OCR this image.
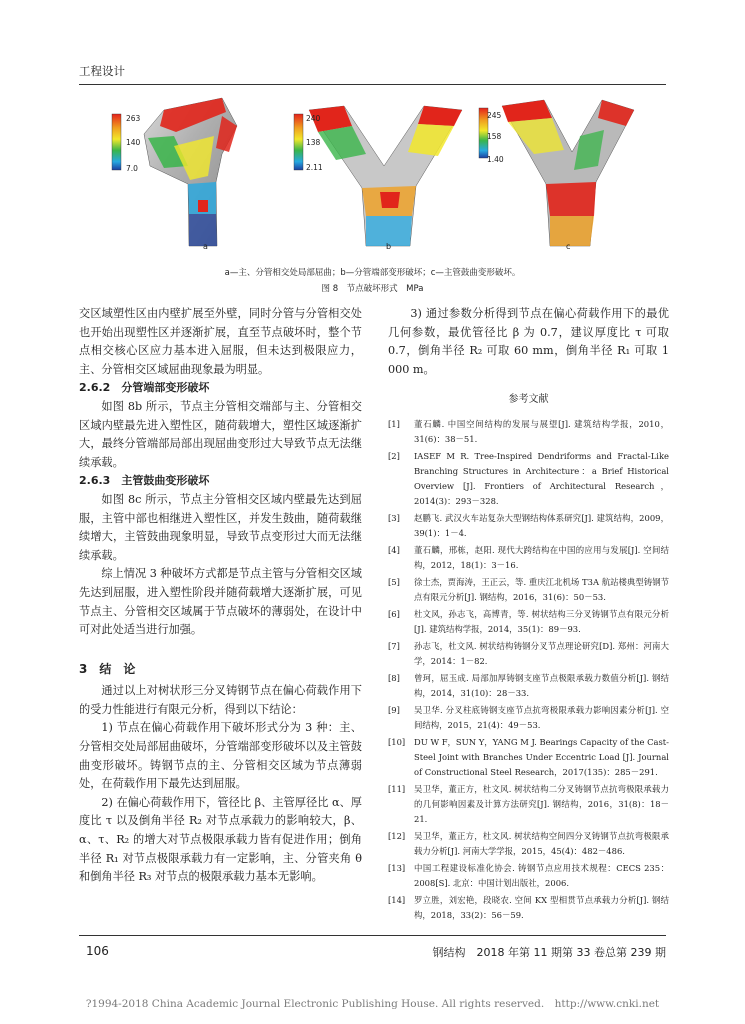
工程设计
263
140
7.0
240
138
2.11
245
158
1.40
a	b	c
a—主、分管相交处局部屈曲；b—分管端部变形破坏；c—主管鼓曲变形破坏。
图 8　节点破坏形式　MPa

交区域塑性区由内壁扩展至外壁，同时分管与分管相交处也开始出现塑性区并逐渐扩展，直至节点破坏时，整个节点相交核心区应力基本进入屈服，但未达到极限应力，主、分管相交区域屈曲现象最为明显。

2.6.2　分管端部变形破坏

如图 8b 所示，节点主分管相交端部与主、分管相交区域内壁最先进入塑性区，随荷载增大，塑性区域逐渐扩大，最终分管端部局部出现屈曲变形过大导致节点无法继续承载。

2.6.3　主管鼓曲变形破坏

如图 8c 所示，节点主分管相交区域内壁最先达到屈服，主管中部也相继进入塑性区，并发生鼓曲，随荷载继续增大，主管鼓曲现象明显，导致节点变形过大而无法继续承载。

综上情况 3 种破坏方式都是节点主管与分管相交区域先达到屈服，进入塑性阶段并随荷载增大逐渐扩展，可见节点主、分管相交区域属于节点破坏的薄弱处，在设计中可对此处适当进行加强。

3　结　论

通过以上对树状形三分叉铸钢节点在偏心荷载作用下的受力性能进行有限元分析，得到以下结论：

1) 节点在偏心荷载作用下破坏形式分为 3 种：主、分管相交处局部屈曲破坏，分管端部变形破坏以及主管鼓曲变形破坏。铸钢节点的主、分管相交区域为节点薄弱处，在荷载作用下最先达到屈服。

2) 在偏心荷载作用下，管径比 β、主管厚径比 α、厚度比 τ 以及倒角半径 R₂ 对节点承载力的影响较大，β、α、τ、R₂ 的增大对节点极限承载力皆有促进作用；倒角半径 R₁ 对节点极限承载力有一定影响，主、分管夹角 θ 和倒角半径 R₃ 对节点的极限承载力基本无影响。

3) 通过参数分析得到节点在偏心荷载作用下的最优几何参数，最优管径比 β 为 0.7，建议厚度比 τ 可取 0.7，倒角半径 R₂ 可取 60 mm，倒角半径 R₁ 可取 1 000 m。

参考文献
[1]	董石麟. 中国空间结构的发展与展望[J]. 建筑结构学报，2010，31(6)：38－51.
[2]	IASEF M R. Tree-Inspired Dendriforms and Fractal-Like Branching Structures in Architecture：a Brief Historical Overview [J]. Frontiers of Architectural Research，2014(3)：293－328.
[3]	赵鹏飞. 武汉火车站复杂大型钢结构体系研究[J]. 建筑结构，2009，39(1)：1－4.
[4]	董石麟，邢栋，赵阳. 现代大跨结构在中国的应用与发展[J]. 空间结构，2012，18(1)：3－16.
[5]	徐士杰，贾海涛，王正云，等. 重庆江北机场 T3A 航站楼典型铸钢节点有限元分析[J]. 钢结构，2016，31(6)：50－53.
[6]	杜文风，孙志飞，高博青，等. 树状结构三分叉铸钢节点有限元分析[J]. 建筑结构学报，2014，35(1)：89－93.
[7]	孙志飞，杜文风. 树状结构铸钢分叉节点理论研究[D]. 郑州：河南大学，2014：1－82.
[8]	曾珂，屈玉成. 局部加厚铸钢支座节点极限承载力数值分析[J]. 钢结构，2014，31(10)：28－33.
[9]	吴卫华. 分叉柱底铸钢支座节点抗弯极限承载力影响因素分析[J]. 空间结构，2015，21(4)：49－53.
[10]	DU W F，SUN Y，YANG M J. Bearings Capacity of the Cast-Steel Joint with Branches Under Eccentric Load [J]. Journal of Constructional Steel Research，2017(135)：285－291.
[11]	吴卫华，董正方，杜文风. 树状结构二分叉铸钢节点抗弯极限承载力的几何影响因素及计算方法研究[J]. 钢结构，2016，31(8)：18－21.
[12]	吴卫华，董正方，杜文风. 树状结构空间四分叉铸钢节点抗弯极限承载力分析[J]. 河南大学学报，2015，45(4)：482－486.
[13]	中国工程建设标准化协会. 铸钢节点应用技术规程：CECS 235：2008[S]. 北京：中国计划出版社，2006.
[14]	罗立胜，刘宏艳，段晓农. 空间 KX 型相贯节点承载力分析[J]. 钢结构，2018，33(2)：56－59.
106	钢结构　2018 年第 11 期第 33 卷总第 239 期
?1994-2018 China Academic Journal Electronic Publishing House. All rights reserved.　http://www.cnki.net
